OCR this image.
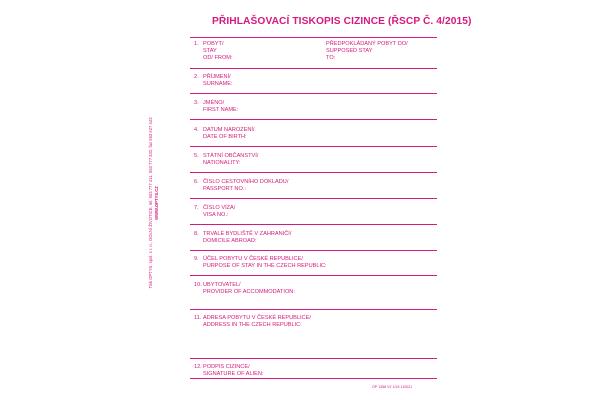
PŘIHLAŠOVACÍ TISKOPIS CIZINCE (ŘSCP Č. 4/2015)
1. POBYT/
STAY
OD/ FROM:
PŘEDPOKLÁDANÝ POBYT DO/
SUPPOSED STAY
TO:
2. PŘÍJMENÍ/
SURNAME:
3. JMÉNO/
FIRST NAME:
4. DATUM NAROZENÍ/
DATE OF BIRTH:
5. STÁTNÍ OBČANSTVÍ/
NATIONALITY:
6. ČÍSLO CESTOVNÍHO DOKLADU/
PASSPORT NO.:
7. ČÍSLO VÍZA/
VISA NO.:
8. TRVALÉ BYDLIŠTĚ V ZAHRANIČÍ/
DOMICILE ABROAD:
9. ÚČEL POBYTU V ČESKÉ REPUBLICE/
PURPOSE OF STAY IN THE CZECH REPUBLIC:
10.UBYTOVATEL/
PROVIDER OF ACCOMMODATION:
11. ADRESA POBYTU V ČESKÉ REPUBLICE/
ADDRESS IN THE CZECH REPUBLIC:
12.PODPIS CIZINCE/
SIGNATURE OF ALIEN:
Tisk OPTYS, spol. s r. o., DOLNÍ ŽIVOTICE, tel. 553 777 411, 553 777 332, fax 553 627 443 WWW.OPTYS.CZ
OP 1358 V2 1/15 110021
